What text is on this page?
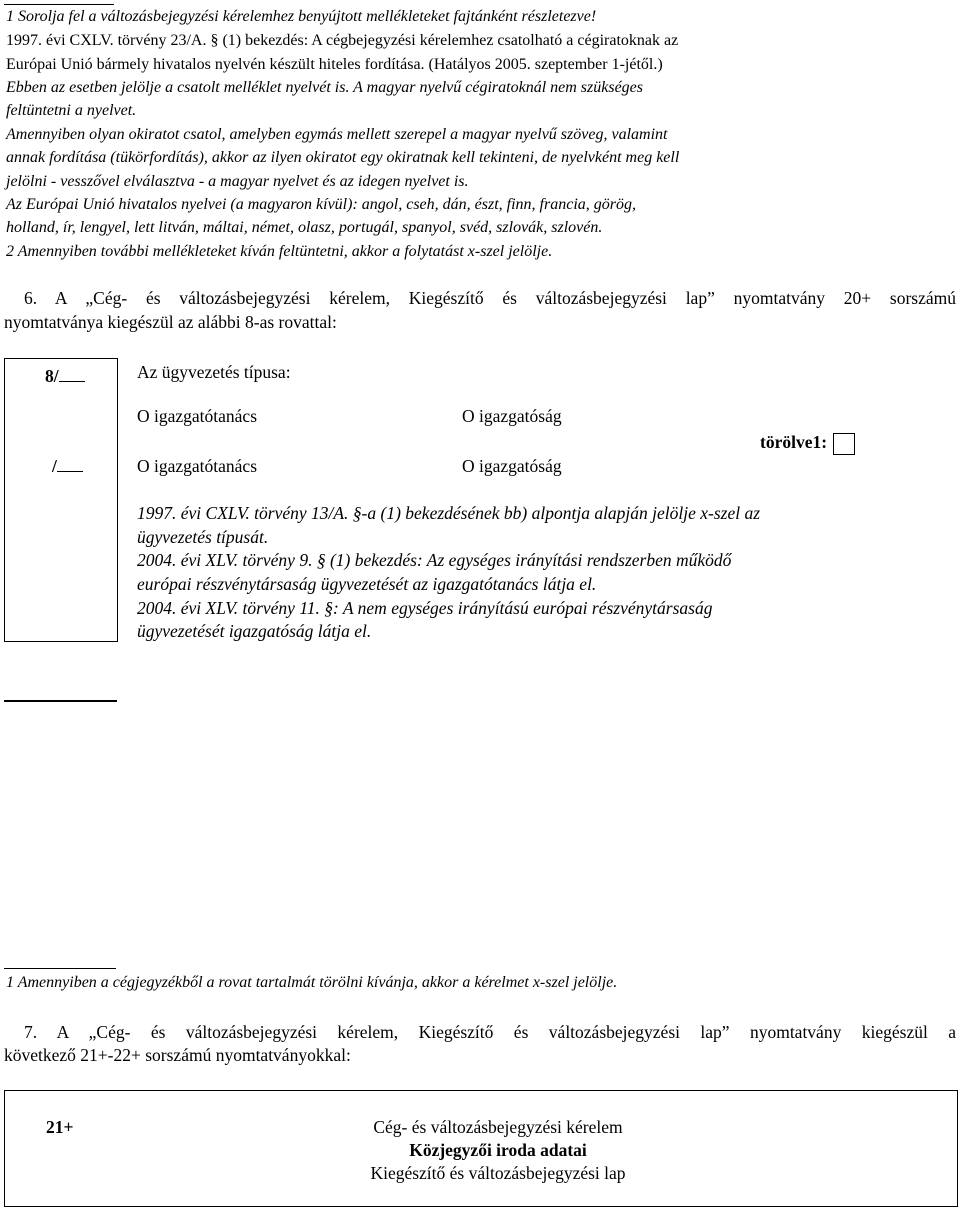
1 Sorolja fel a változásbejegyzési kérelemhez benyújtott mellékleteket fajtánként részletezve!
1997. évi CXLV. törvény 23/A. § (1) bekezdés: A cégbejegyzési kérelemhez csatolható a cégiratoknak az
Európai Unió bármely hivatalos nyelvén készült hiteles fordítása. (Hatályos 2005. szeptember 1-jétől.)
Ebben az esetben jelölje a csatolt melléklet nyelvét is. A magyar nyelvű cégiratoknál nem szükséges
feltüntetni a nyelvet.
Amennyiben olyan okiratot csatol, amelyben egymás mellett szerepel a magyar nyelvű szöveg, valamint
annak fordítása (tükörfordítás), akkor az ilyen okiratot egy okiratnak kell tekinteni, de nyelvként meg kell
jelölni - vesszővel elválasztva - a magyar nyelvet és az idegen nyelvet is.
Az Európai Unió hivatalos nyelvei (a magyaron kívül): angol, cseh, dán, észt, finn, francia, görög,
holland, ír, lengyel, lett litván, máltai, német, olasz, portugál, spanyol, svéd, szlovák, szlovén.
2 Amennyiben további mellékleteket kíván feltüntetni, akkor a folytatást x-szel jelölje.
6. A „Cég- és változásbejegyzési kérelem, Kiegészítő és változásbejegyzési lap” nyomtatvány 20+ sorszámú
nyomtatványa kiegészül az alábbi 8-as rovattal:
8/
/
Az ügyvezetés típusa:
O igazgatótanács	O igazgatóság
O igazgatótanács	O igazgatóság
törölve1:
1997. évi CXLV. törvény 13/A. §-a (1) bekezdésének bb) alpontja alapján jelölje x-szel az
ügyvezetés típusát.
2004. évi XLV. törvény 9. § (1) bekezdés: Az egységes irányítási rendszerben működő
európai részvénytársaság ügyvezetését az igazgatótanács látja el.
2004. évi XLV. törvény 11. §: A nem egységes irányítású európai részvénytársaság
ügyvezetését igazgatóság látja el.
1 Amennyiben a cégjegyzékből a rovat tartalmát törölni kívánja, akkor a kérelmet x-szel jelölje.
7. A „Cég- és változásbejegyzési kérelem, Kiegészítő és változásbejegyzési lap” nyomtatvány kiegészül a
következő 21+-22+ sorszámú nyomtatványokkal:
21+	Cég- és változásbejegyzési kérelem
Közjegyzői iroda adatai
Kiegészítő és változásbejegyzési lap
